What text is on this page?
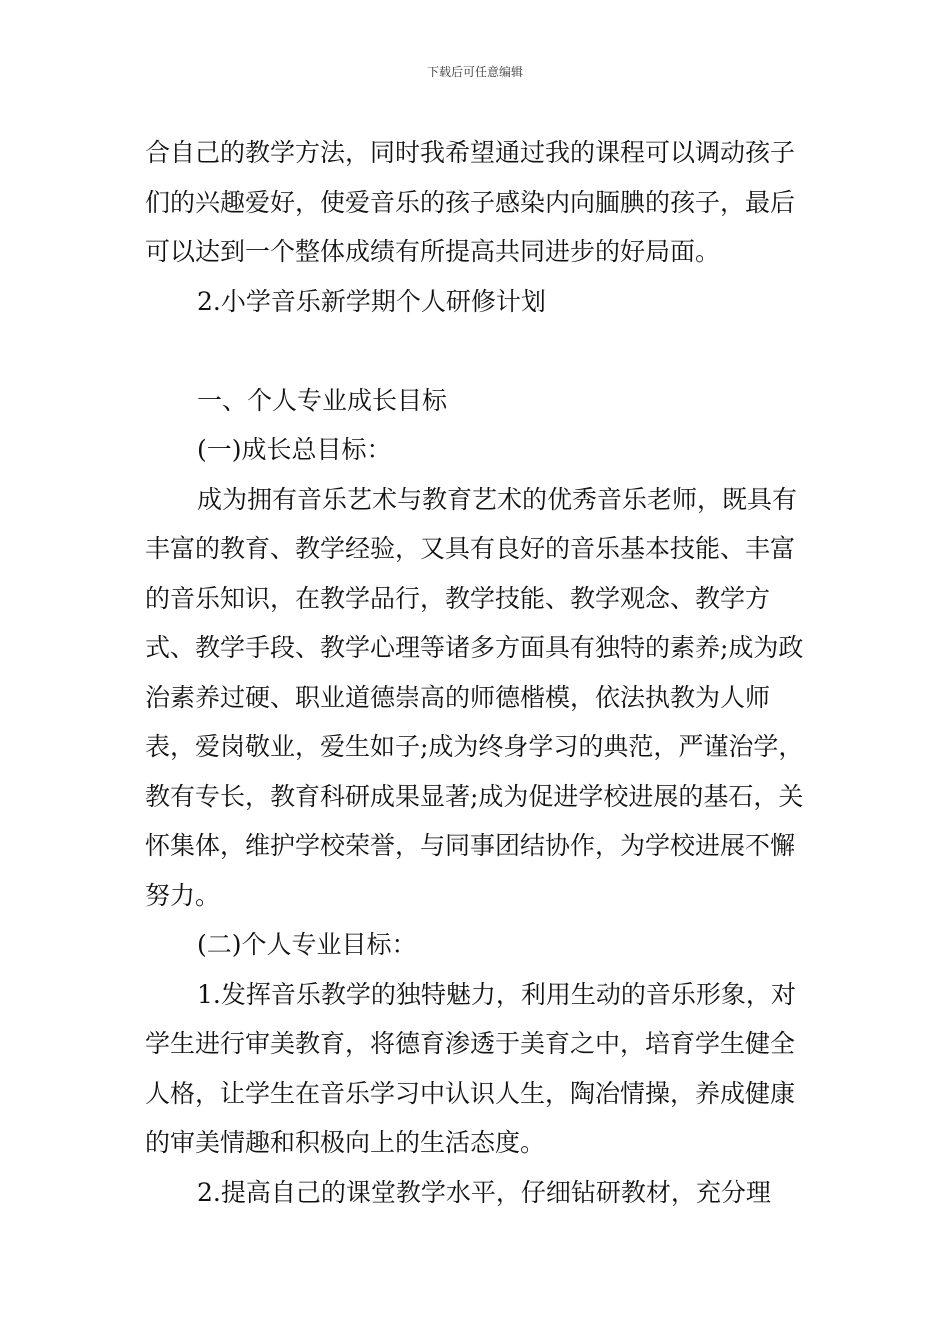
下载后可任意编辑

合自己的教学方法，同时我希望通过我的课程可以调动孩子们的兴趣爱好，使爱音乐的孩子感染内向腼腆的孩子，最后可以达到一个整体成绩有所提高共同进步的好局面。

2.小学音乐新学期个人研修计划

一、个人专业成长目标

(一)成长总目标：

成为拥有音乐艺术与教育艺术的优秀音乐老师，既具有丰富的教育、教学经验，又具有良好的音乐基本技能、丰富的音乐知识，在教学品行，教学技能、教学观念、教学方式、教学手段、教学心理等诸多方面具有独特的素养;成为政治素养过硬、职业道德崇高的师德楷模，依法执教为人师表，爱岗敬业，爱生如子;成为终身学习的典范，严谨治学，教有专长，教育科研成果显著;成为促进学校进展的基石，关怀集体，维护学校荣誉，与同事团结协作，为学校进展不懈努力。

(二)个人专业目标：

1.发挥音乐教学的独特魅力，利用生动的音乐形象，对学生进行审美教育，将德育渗透于美育之中，培育学生健全人格，让学生在音乐学习中认识人生，陶冶情操，养成健康的审美情趣和积极向上的生活态度。

2.提高自己的课堂教学水平，仔细钻研教材，充分理
